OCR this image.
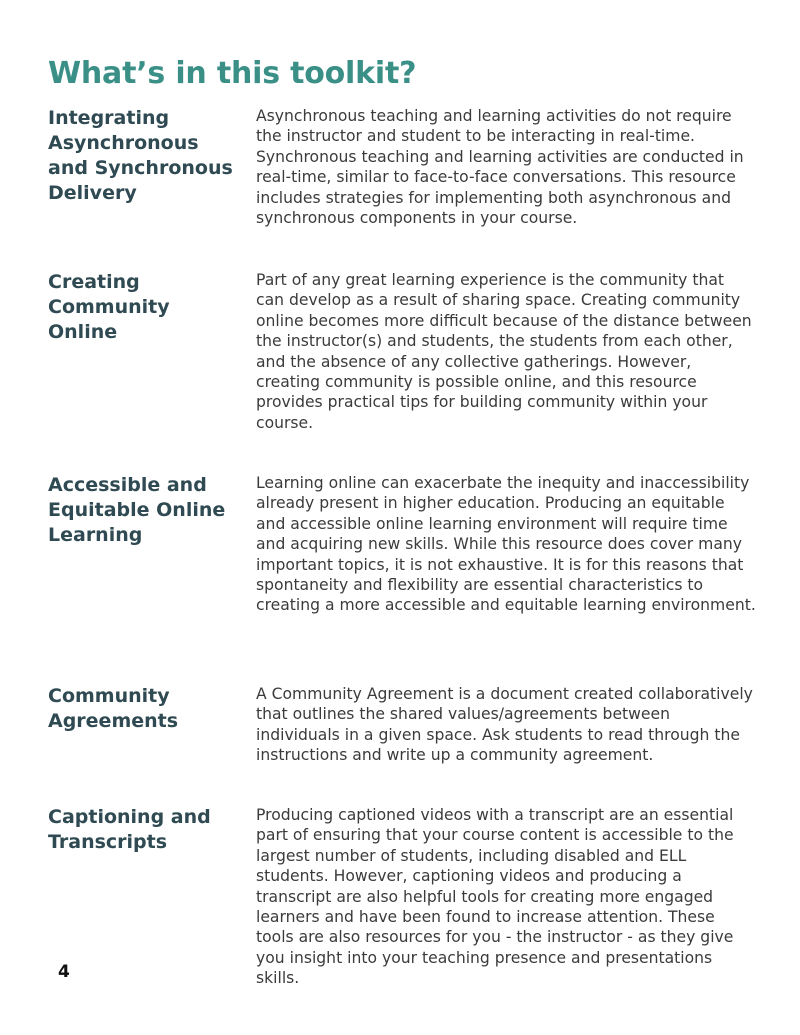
What’s in this toolkit?
Integrating Asynchronous and Synchronous Delivery

Asynchronous teaching and learning activities do not require the instructor and student to be interacting in real-time. Synchronous teaching and learning activities are conducted in real-time, similar to face-to-face conversations. This resource includes strategies for implementing both asynchronous and synchronous components in your course.

Creating Community Online

Part of any great learning experience is the community that can develop as a result of sharing space. Creating community online becomes more difficult because of the distance between the instructor(s) and students, the students from each other, and the absence of any collective gatherings. However, creating community is possible online, and this resource provides practical tips for building community within your course.

Accessible and Equitable Online Learning

Learning online can exacerbate the inequity and inaccessibility already present in higher education. Producing an equitable and accessible online learning environment will require time and acquiring new skills. While this resource does cover many important topics, it is not exhaustive. It is for this reasons that spontaneity and flexibility are essential characteristics to creating a more accessible and equitable learning environment.

Community Agreements

A Community Agreement is a document created collaboratively that outlines the shared values/agreements between individuals in a given space. Ask students to read through the instructions and write up a community agreement.

Captioning and Transcripts

Producing captioned videos with a transcript are an essential part of ensuring that your course content is accessible to the largest number of students, including disabled and ELL students. However, captioning videos and producing a transcript are also helpful tools for creating more engaged learners and have been found to increase attention. These tools are also resources for you - the instructor - as they give you insight into your teaching presence and presentations skills.

4
